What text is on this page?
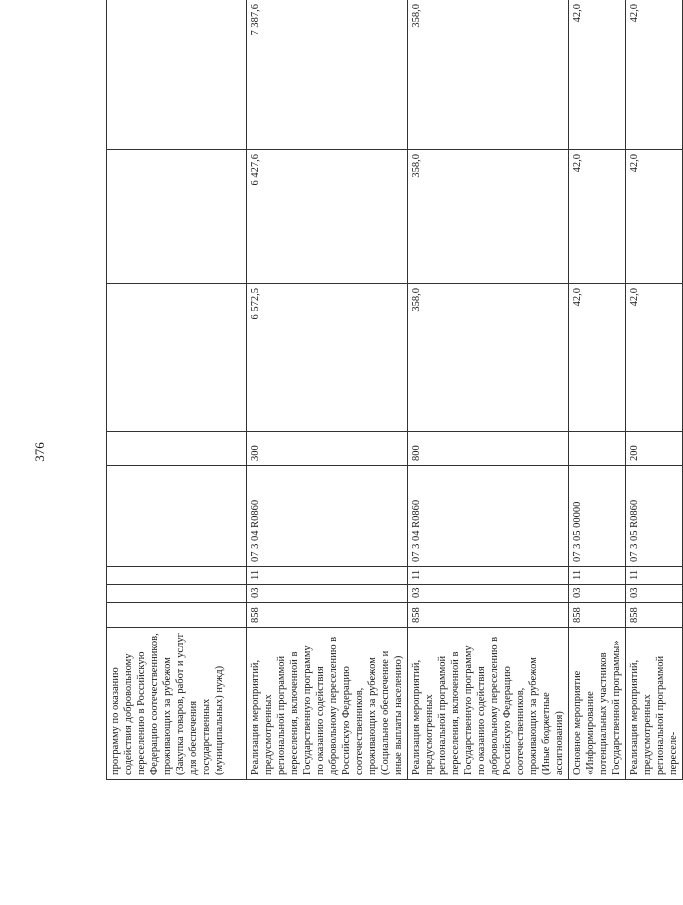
376
программу по оказанию содействия добровольному переселению в Российскую Федерацию соотечественников, проживающих за рубежом (Закупка товаров, работ и услуг для обеспечения государственных (муниципальных) нужд)								
Реализация мероприятий, предусмотренных региональной программой переселения, включенной в Государственную программу по оказанию содействия добровольному переселению в Российскую Федерацию соотечественников, проживающих за рубежом (Социальное обеспечение и иные выплаты населению)	858	03	11	07 3 04 R0860	300	6 572,5	6 427,6	7 387,6
Реализация мероприятий, предусмотренных региональной программой переселения, включенной в Государственную программу по оказанию содействия добровольному переселению в Российскую Федерацию соотечественников, проживающих за рубежом (Иные бюджетные ассигнования)	858	03	11	07 3 04 R0860	800	358,0	358,0	358,0
Основное мероприятие «Информирование потенциальных участников Государственной программы»	858	03	11	07 3 05 00000		42,0	42,0	42,0
Реализация мероприятий, предусмотренных региональной программой переселе-	858	03	11	07 3 05 R0860	200	42,0	42,0	42,0
